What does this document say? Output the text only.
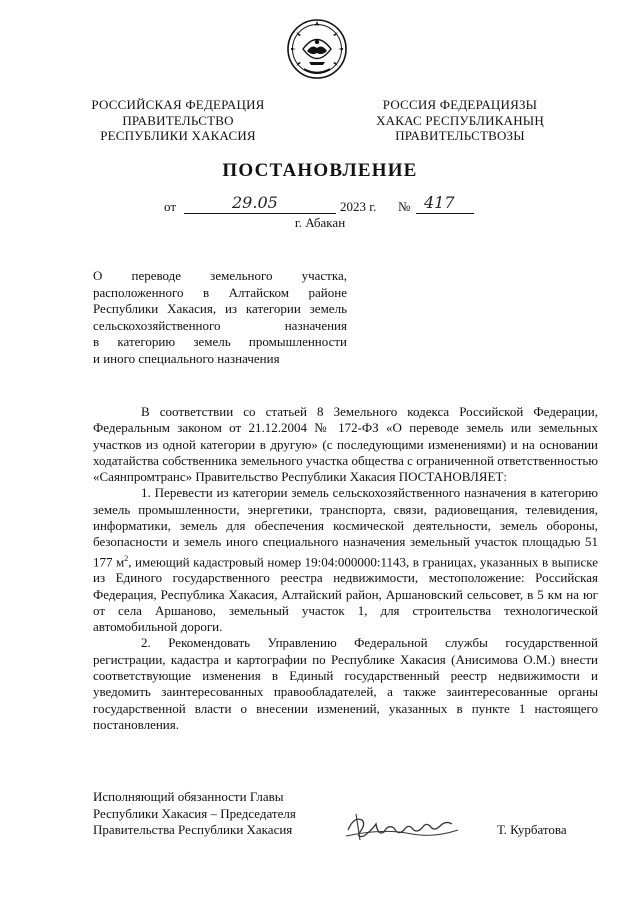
РОССИЙСКАЯ ФЕДЕРАЦИЯ
ПРАВИТЕЛЬСТВО
РЕСПУБЛИКИ ХАКАСИЯ
РОССИЯ ФЕДЕРАЦИЯЗЫ
ХАКАС РЕСПУБЛИКАНЫҢ
ПРАВИТЕЛЬСТВОЗЫ
ПОСТАНОВЛЕНИЕ
от	29.05	2023 г. № 417
г. Абакан
О переводе земельного участка,
расположенного в Алтайском районе
Республики Хакасия, из категории земель
сельскохозяйственного назначения
в категорию земель промышленности
и иного специального назначения

В соответствии со статьей 8 Земельного кодекса Российской Федерации, Федеральным законом от 21.12.2004 № 172-ФЗ «О переводе земель или земельных участков из одной категории в другую» (с последующими изменениями) и на основании ходатайства собственника земельного участка общества с ограниченной ответственностью «Саянпромтранс» Правительство Республики Хакасия ПОСТАНОВЛЯЕТ:

1. Перевести из категории земель сельскохозяйственного назначения в категорию земель промышленности, энергетики, транспорта, связи, радиовещания, телевидения, информатики, земель для обеспечения космической деятельности, земель обороны, безопасности и земель иного специального назначения земельный участок площадью 51 177 $м^2$, имеющий кадастровый номер 19:04:000000:1143, в границах, указанных в выписке из Единого государственного реестра недвижимости, местоположение: Российская Федерация, Республика Хакасия, Алтайский район, Аршановский сельсовет, в 5 км на юг от села Аршаново, земельный участок 1, для строительства технологической автомобильной дороги.

2. Рекомендовать Управлению Федеральной службы государственной регистрации, кадастра и картографии по Республике Хакасия (Анисимова О.М.) внести соответствующие изменения в Единый государственный реестр недвижимости и уведомить заинтересованных правообладателей, а также заинтересованные органы государственной власти о внесении изменений, указанных в пункте 1 настоящего постановления.

Исполняющий обязанности Главы
Республики Хакасия – Председателя
Правительства Республики Хакасия	Т. Курбатова
